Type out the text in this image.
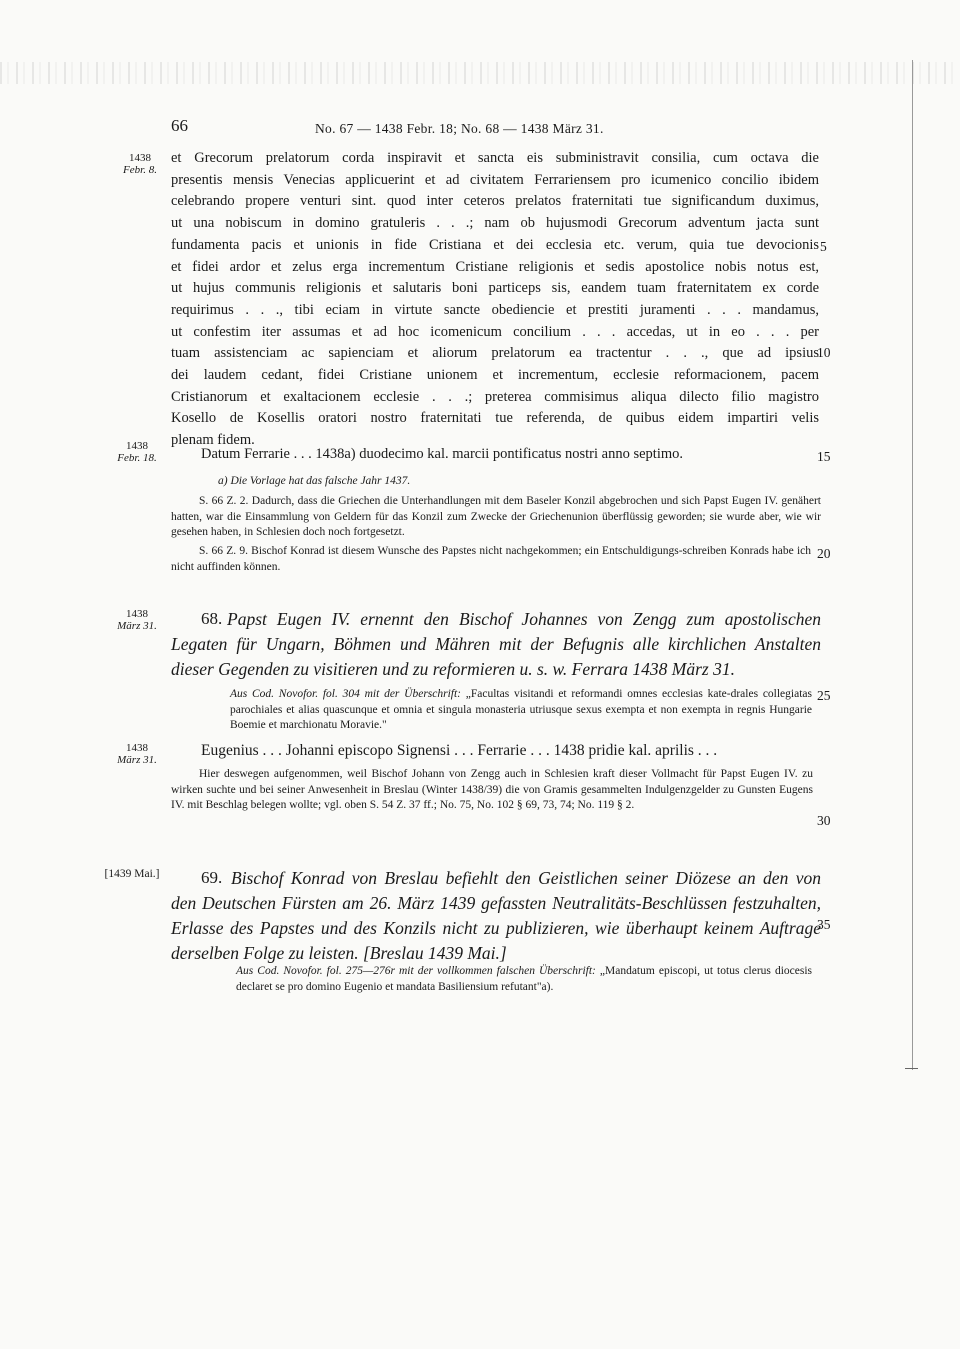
66	No. 67 — 1438 Febr. 18; No. 68 — 1438 März 31.
1438
Febr. 8.
1438
Febr. 18.
1438
März 31.
1438
März 31.
[1439 Mai.]
5
10
15
20
25
30
35
et Grecorum prelatorum corda inspiravit et sancta eis subministravit consilia, cum octava die
presentis mensis Venecias applicuerint et ad civitatem Ferrariensem pro icumenico concilio ibidem
celebrando propere venturi sint. quod inter ceteros prelatos fraternitati tue significandum duximus,
ut una nobiscum in domino gratuleris . . .; nam ob hujusmodi Grecorum adventum jacta sunt
fundamenta pacis et unionis in fide Cristiana et dei ecclesia etc. verum, quia tue devocionis
et fidei ardor et zelus erga incrementum Cristiane religionis et sedis apostolice nobis notus est,
ut hujus communis religionis et salutaris boni particeps sis, eandem tuam fraternitatem ex corde
requirimus . . ., tibi eciam in virtute sancte obediencie et prestiti juramenti . . . mandamus,
ut confestim iter assumas et ad hoc icomenicum concilium . . . accedas, ut in eo . . . per
tuam assistenciam ac sapienciam et aliorum prelatorum ea tractentur . . ., que ad ipsius
dei laudem cedant, fidei Cristiane unionem et incrementum, ecclesie reformacionem, pacem
Cristianorum et exaltacionem ecclesie . . .; preterea commisimus aliqua dilecto filio magistro
Kosello de Kosellis oratori nostro fraternitati tue referenda, de quibus eidem impartiri velis
plenam fidem.
Datum Ferrarie . . . 1438a) duodecimo kal. marcii pontificatus nostri anno septimo.
a) Die Vorlage hat das falsche Jahr 1437.
S. 66 Z. 2. Dadurch, dass die Griechen die Unterhandlungen mit dem Baseler Konzil abgebrochen und sich Papst Eugen IV. genähert hatten, war die Einsammlung von Geldern für das Konzil zum Zwecke der Griechenunion überflüssig geworden; sie wurde aber, wie wir gesehen haben, in Schlesien doch noch fortgesetzt.
S. 66 Z. 9. Bischof Konrad ist diesem Wunsche des Papstes nicht nachgekommen; ein Entschuldigungs-schreiben Konrads habe ich nicht auffinden können.
68. Papst Eugen IV. ernennt den Bischof Johannes von Zengg zum apostolischen
Legaten für Ungarn, Böhmen und Mähren mit der Befugnis alle kirchlichen Anstalten
dieser Gegenden zu visitieren und zu reformieren u. s. w. Ferrara 1438 März 31.
Aus Cod. Novofor. fol. 304 mit der Überschrift: „Facultas visitandi et reformandi omnes ecclesias kate-drales collegiatas parochiales et alias quascunque et omnia et singula monasteria utriusque sexus exempta et non exempta in regnis Hungarie Boemie et marchionatu Moravie."
Eugenius . . . Johanni episcopo Signensi . . . Ferrarie . . . 1438 pridie kal. aprilis . . .
Hier deswegen aufgenommen, weil Bischof Johann von Zengg auch in Schlesien kraft dieser Vollmacht für Papst Eugen IV. zu wirken suchte und bei seiner Anwesenheit in Breslau (Winter 1438/39) die von Gramis gesammelten Indulgenzgelder zu Gunsten Eugens IV. mit Beschlag belegen wollte; vgl. oben S. 54 Z. 37 ff.; No. 75, No. 102 § 69, 73, 74; No. 119 § 2.
69. Bischof Konrad von Breslau befiehlt den Geistlichen seiner Diözese an den von
den Deutschen Fürsten am 26. März 1439 gefassten Neutralitäts-Beschlüssen festzuhalten,
Erlasse des Papstes und des Konzils nicht zu publizieren, wie überhaupt keinem Auftrage
derselben Folge zu leisten. [Breslau 1439 Mai.]
Aus Cod. Novofor. fol. 275—276r mit der vollkommen falschen Überschrift: „Mandatum episcopi, ut totus clerus diocesis declaret se pro domino Eugenio et mandata Basiliensium refutant"a).
